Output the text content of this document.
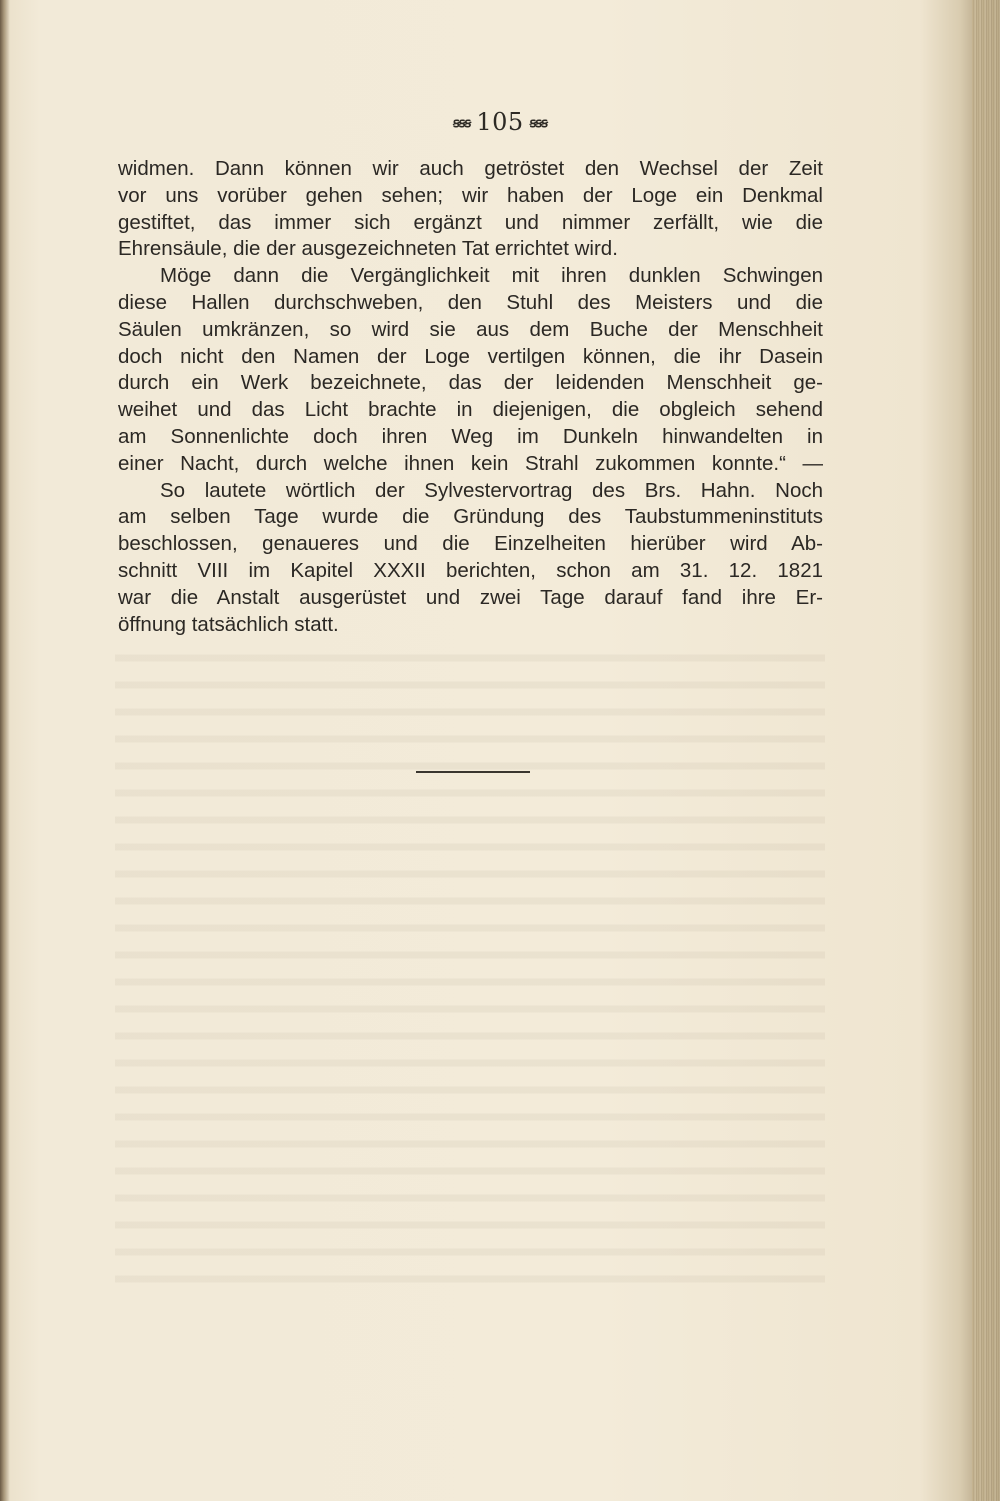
ꞩꞩꞩ 105 ꞩꞩꞩ
widmen. Dann können wir auch getröstet den Wechsel der Zeit
vor uns vorüber gehen sehen; wir haben der Loge ein Denkmal
gestiftet, das immer sich ergänzt und nimmer zerfällt, wie die
Ehrensäule, die der ausgezeichneten Tat errichtet wird.
Möge dann die Vergänglichkeit mit ihren dunklen Schwingen
diese Hallen durchschweben, den Stuhl des Meisters und die
Säulen umkränzen, so wird sie aus dem Buche der Menschheit
doch nicht den Namen der Loge vertilgen können, die ihr Dasein
durch ein Werk bezeichnete, das der leidenden Menschheit ge-
weihet und das Licht brachte in diejenigen, die obgleich sehend
am Sonnenlichte doch ihren Weg im Dunkeln hinwandelten in
einer Nacht, durch welche ihnen kein Strahl zukommen konnte.“ —
So lautete wörtlich der Sylvestervortrag des Brs. Hahn. Noch
am selben Tage wurde die Gründung des Taubstummeninstituts
beschlossen, genaueres und die Einzelheiten hierüber wird Ab-
schnitt VIII im Kapitel XXXII berichten, schon am 31. 12. 1821
war die Anstalt ausgerüstet und zwei Tage darauf fand ihre Er-
öffnung tatsächlich statt.
